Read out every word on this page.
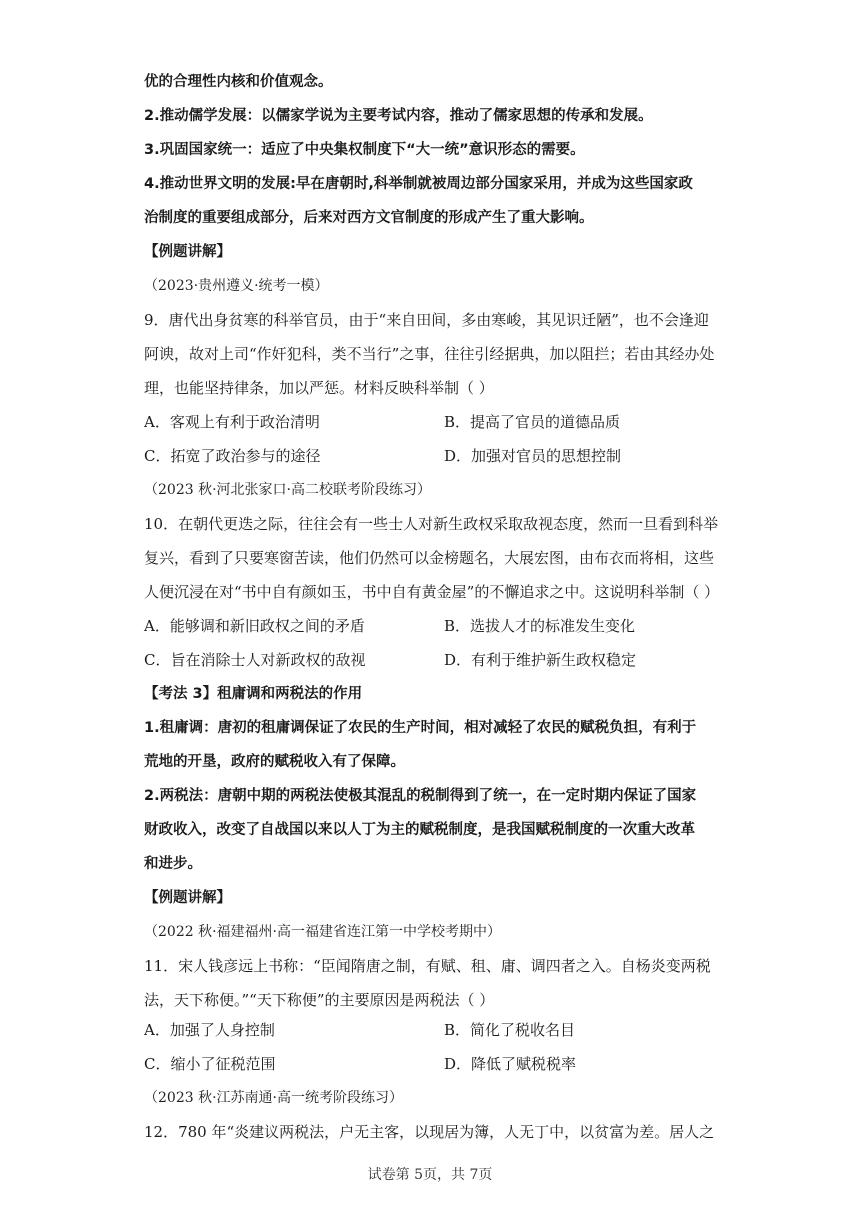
优的合理性内核和价值观念。
2.推动儒学发展：以儒家学说为主要考试内容，推动了儒家思想的传承和发展。
3.巩固国家统一：适应了中央集权制度下“大一统”意识形态的需要。
4.推动世界文明的发展:早在唐朝时,科举制就被周边部分国家采用，并成为这些国家政
治制度的重要组成部分，后来对西方文官制度的形成产生了重大影响。
【例题讲解】
（2023·贵州遵义·统考一模）
9．唐代出身贫寒的科举官员，由于“来自田间，多由寒峻，其见识迁陋”，也不会逢迎
阿谀，故对上司“作奸犯科，类不当行”之事，往往引经据典，加以阻拦；若由其经办处
理，也能坚持律条，加以严惩。材料反映科举制（ ）
A．客观上有利于政治清明	B．提高了官员的道德品质
C．拓宽了政治参与的途径	D．加强对官员的思想控制
（2023 秋·河北张家口·高二校联考阶段练习）
10．在朝代更迭之际，往往会有一些士人对新生政权采取敌视态度，然而一旦看到科举
复兴，看到了只要寒窗苦读，他们仍然可以金榜题名，大展宏图，由布衣而将相，这些
人便沉浸在对“书中自有颜如玉，书中自有黄金屋”的不懈追求之中。这说明科举制（ ）
A．能够调和新旧政权之间的矛盾	B．选拔人才的标准发生变化
C．旨在消除士人对新政权的敌视	D．有利于维护新生政权稳定
【考法 3】租庸调和两税法的作用
1.租庸调：唐初的租庸调保证了农民的生产时间，相对减轻了农民的赋税负担，有利于
荒地的开垦，政府的赋税收入有了保障。
2.两税法：唐朝中期的两税法使极其混乱的税制得到了统一，在一定时期内保证了国家
财政收入，改变了自战国以来以人丁为主的赋税制度，是我国赋税制度的一次重大改革
和进步。
【例题讲解】
（2022 秋·福建福州·高一福建省连江第一中学校考期中）
11．宋人钱彦远上书称：“臣闻隋唐之制，有赋、租、庸、调四者之入。自杨炎变两税
法，天下称便。”“天下称便”的主要原因是两税法（ ）
A．加强了人身控制	B．简化了税收名目
C．缩小了征税范围	D．降低了赋税税率
（2023 秋·江苏南通·高一统考阶段练习）
12．780 年“炎建议两税法，户无主客，以现居为簿，人无丁中，以贫富为差。居人之
试卷第 5页，共 7页
